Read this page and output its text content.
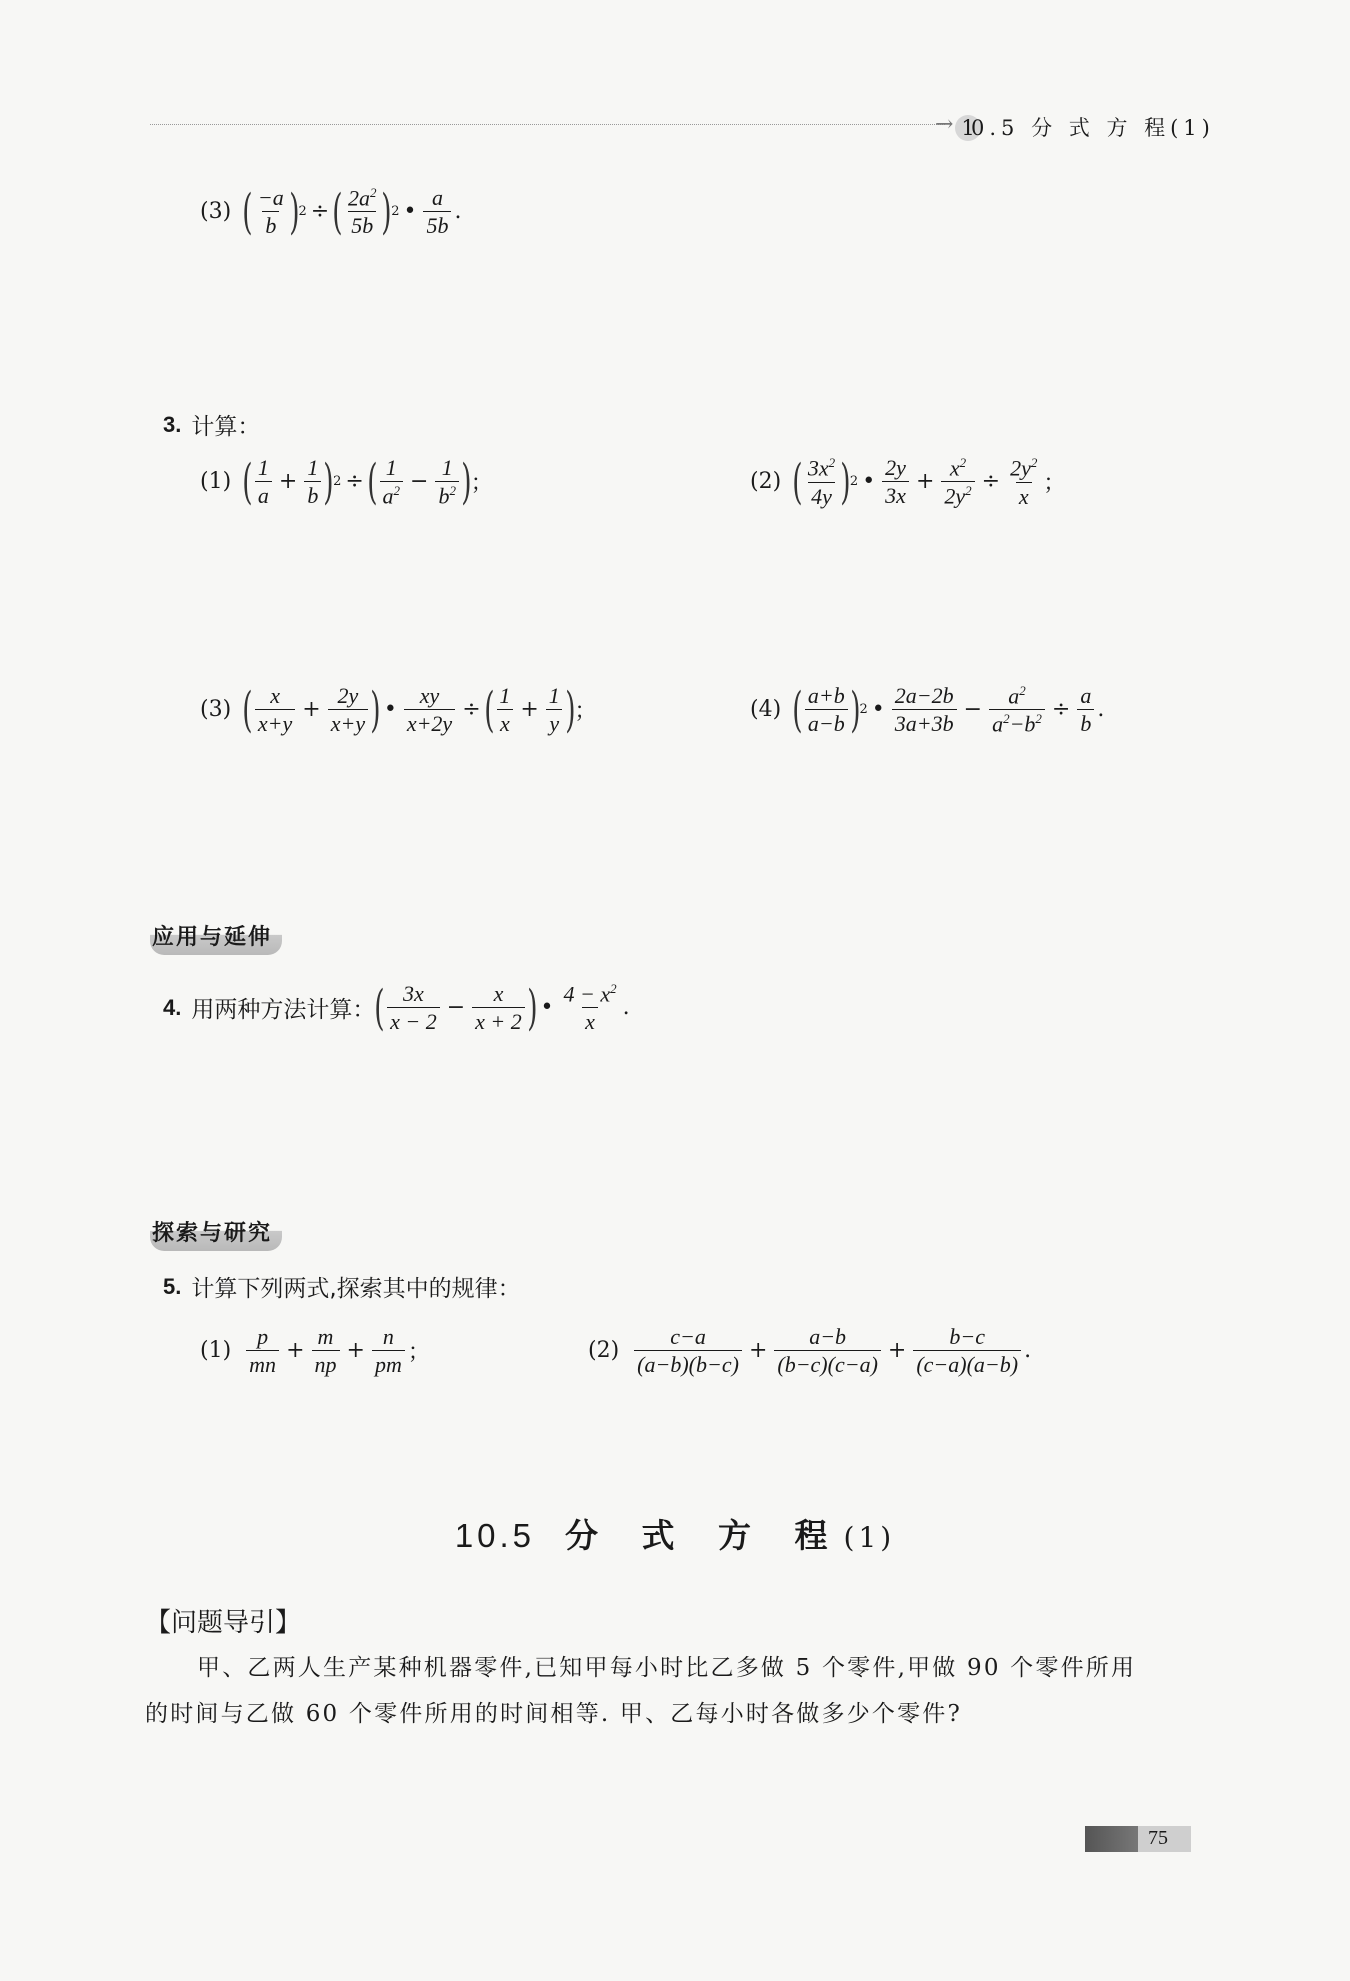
→ 10.5 分 式 方 程(1)
(3) ( $\frac{-a}{b}$ ) 2 ÷ ( $\frac{2a^2}{5b}$ ) 2 • $\frac{a}{5b}$ .
3. 计算：
(1) ( $\frac{1}{a} + \frac{1}{b}$ ) 2 ÷ ( $\frac{1}{a^2} - \frac{1}{b^2}$ ) ；	(2) ( $\frac{3x^2}{4y}$ ) 2 • $\frac{2y}{3x} + \frac{x^2}{2y^2} \div \frac{2y^2}{x}$ ；
(3) ( $\frac{x}{x+y} + \frac{2y}{x+y}$ ) • $\frac{xy}{x+2y}$ ÷ ( $\frac{1}{x} + \frac{1}{y}$ ) ；	(4) ( $\frac{a+b}{a-b}$ ) 2 • $\frac{2a-2b}{3a+3b} - \frac{a^2}{a^2-b^2} \div \frac{a}{b}$ .
应用与延伸
4. 用两种方法计算： ( $\frac{3x}{x - 2} - \frac{x}{x + 2}$ ) • $\frac{4 - x^2}{x}$ .
探索与研究
5. 计算下列两式,探索其中的规律：
$(1) \frac{p}{mn} + \frac{m}{np} + \frac{n}{pm}$ ；	$(2) \frac{c-a}{(a-b)(b-c)} + \frac{a-b}{(b-c)(c-a)} + \frac{b-c}{(c-a)(a-b)}$ .
10.5 分 式 方 程(1)
【问题导引】
甲、乙两人生产某种机器零件,已知甲每小时比乙多做 5 个零件,甲做 90 个零件所用
的时间与乙做 60 个零件所用的时间相等. 甲、乙每小时各做多少个零件?
75
